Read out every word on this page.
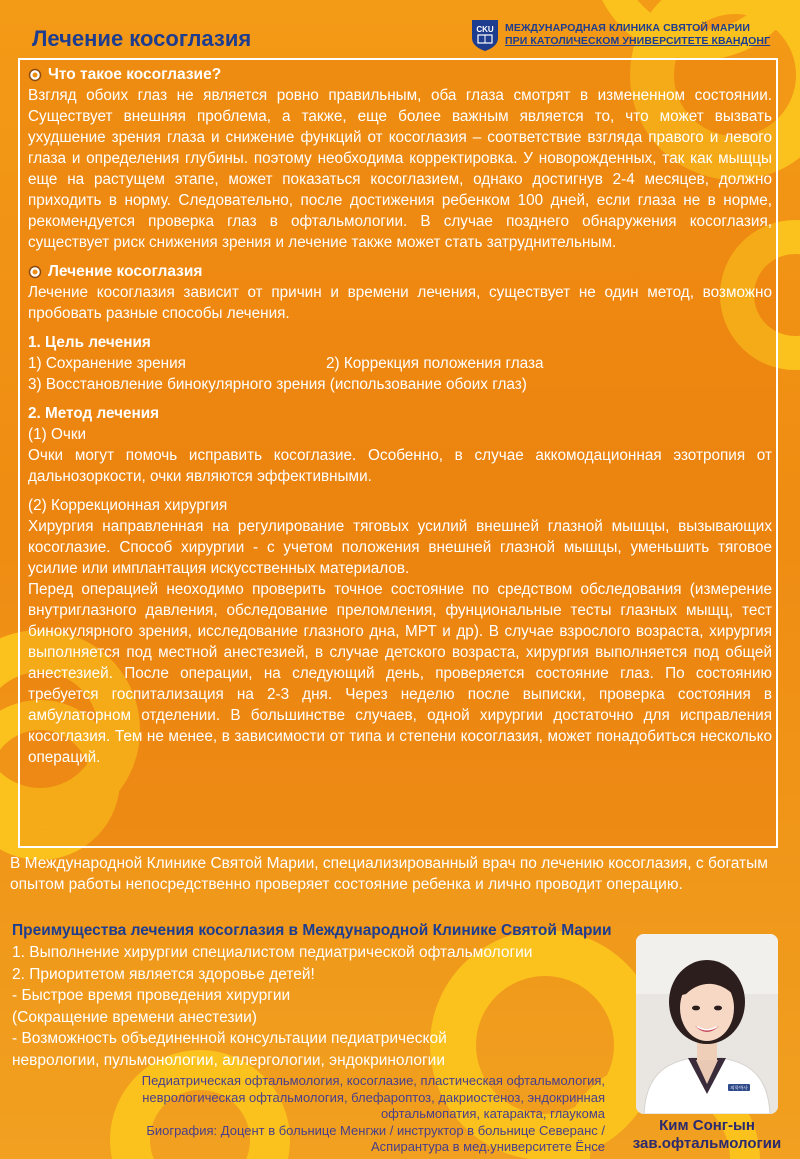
Лечение косоглазия	CKU МЕЖДУНАРОДНАЯ КЛИНИКА СВЯТОЙ МАРИИ
ПРИ КАТОЛИЧЕСКОМ УНИВЕРСИТЕТЕ КВАНДОНГ
Что такое косоглазие?

Взгляд обоих глаз не является ровно правильным, оба глаза смотрят в измененном состоянии. Существует внешняя проблема, а также, еще более важным является то, что может вызвать ухудшение зрения глаза и снижение функций от косоглазия – соответствие взгляда правого и левого глаза и определения глубины. поэтому необходима корректировка. У новорожденных, так как мыщцы еще на растущем этапе, может показаться косоглазием, однако достигнув 2-4 месяцев, должно приходить в норму. Следовательно, после достижения ребенком 100 дней, если глаза не в норме, рекомендуется проверка глаз в офтальмологии. В случае позднего обнаружения косоглазия, существует риск снижения зрения и лечение также может стать затруднительным.

Лечение косоглазия

Лечение косоглазия зависит от причин и времени лечения, существует не один метод, возможно пробовать разные способы лечения.

1. Цель лечения
1) Сохранение зрения	2) Коррекция положения глаза
3) Восстановление бинокулярного зрения (использование обоих глаз)
2. Метод лечения
(1) Очки

Очки могут помочь исправить косоглазие. Особенно, в случае аккомодационная эзотропия от дальнозоркости, очки являются эффективными.

(2) Коррекционная хирургия

Хирургия направленная на регулирование тяговых усилий внешней глазной мышцы, вызывающих косоглазие. Способ хирургии - с учетом положения внешней глазной мышцы, уменьшить тяговое усилие или имплантация искусственных материалов.

Перед операцией неоходимо проверить точное состояние по средством обследования (измерение внутриглазного давления, обследование преломления, фунциональные тесты глазных мыщц, тест бинокулярного зрения, исследование глазного дна, МРТ и др). В случае взрослого возраста, хирургия выполняется под местной анестезией, в случае детского возраста, хирургия выполняется под общей анестезией. После операции, на следующий день, проверяется состояние глаз. По состоянию требуется госпитализация на 2-3 дня. Через неделю после выписки, проверка состояния в амбулаторном отделении. В большинстве случаев, одной хирургии достаточно для исправления косоглазия. Тем не менее, в зависимости от типа и степени косоглазия, может понадобиться несколько операций.

В Международной Клинике Святой Марии, специализированный врач по лечению косоглазия, с богатым опытом работы непосредственно проверяет состояние ребенка и лично проводит операцию.

Преимущества лечения косоглазия в Международной Клинике Святой Марии
1. Выполнение хирургии специалистом педиатрической офтальмологии
2. Приоритетом является здоровье детей!
- Быстрое время проведения хирургии
(Сокращение времени анестезии)
- Возможность объединенной консультации педиатрической
неврологии, пульмонологии, аллергологии, эндокринологии
Педиатрическая офтальмология, косоглазие, пластическая офтальмология,
неврологическая офтальмология, блефароптоз, дакриостеноз, эндокринная
офтальмопатия, катаракта, глаукома
Биография: Доцент в больнице Менгжи / инструктор в больнице Северанс /
Аспирантура в мед.университете Ёнсе
의학박사
Ким Сонг-ын
зав.офтальмологии
